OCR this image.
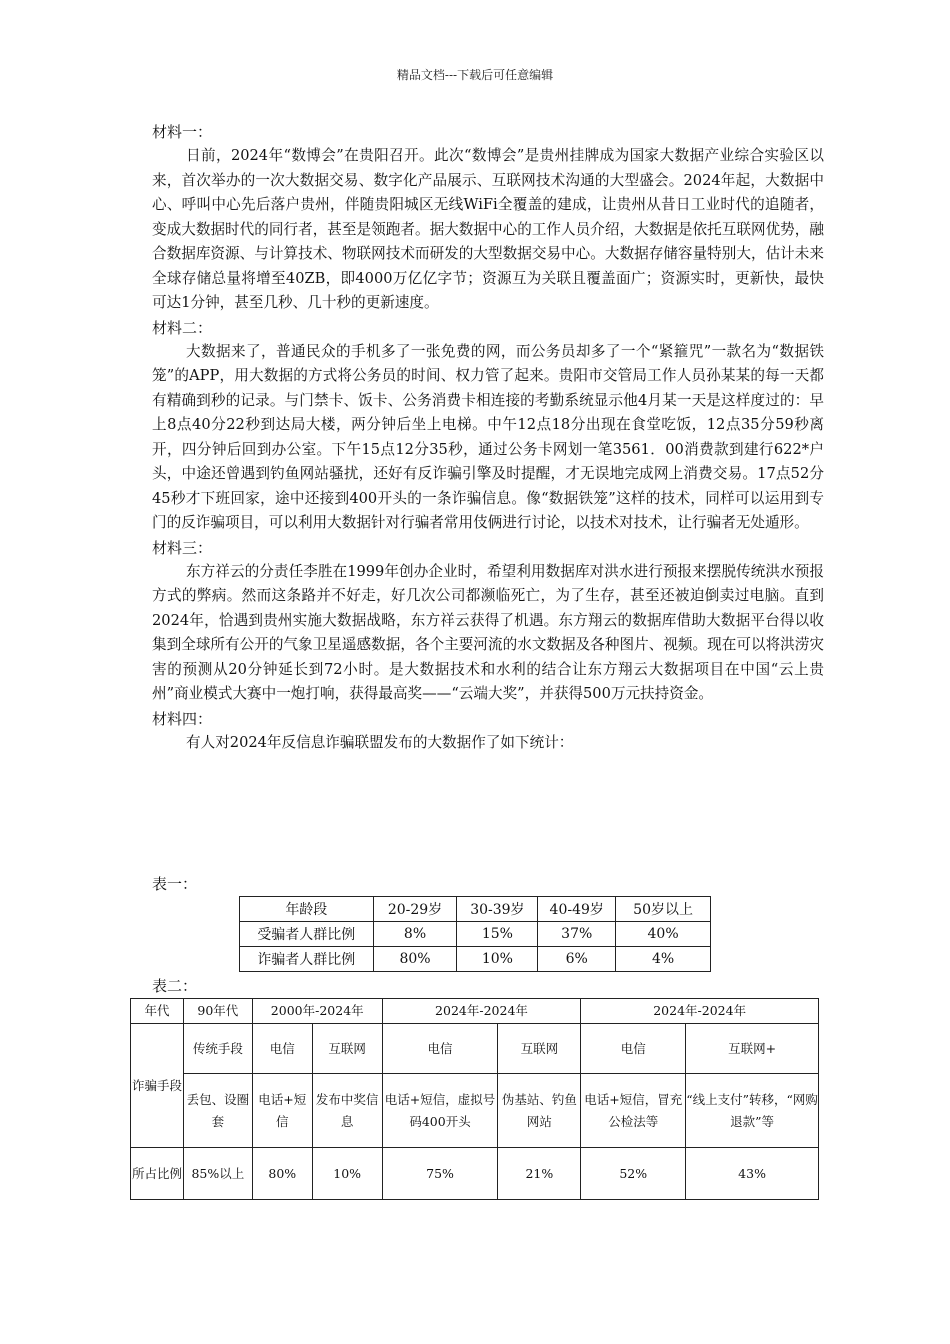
精品文档---下载后可任意编辑

材料一：

日前，2024年“数博会”在贵阳召开。此次“数博会”是贵州挂牌成为国家大数据产业综合实验区以来，首次举办的一次大数据交易、数字化产品展示、互联网技术沟通的大型盛会。2024年起，大数据中心、呼叫中心先后落户贵州，伴随贵阳城区无线WiFi全覆盖的建成，让贵州从昔日工业时代的追随者，变成大数据时代的同行者，甚至是领跑者。据大数据中心的工作人员介绍，大数据是依托互联网优势，融合数据库资源、与计算技术、物联网技术而研发的大型数据交易中心。大数据存储容量特别大，估计未来全球存储总量将增至40ZB，即4000万亿亿字节；资源互为关联且覆盖面广；资源实时，更新快，最快可达1分钟，甚至几秒、几十秒的更新速度。

材料二：

大数据来了，普通民众的手机多了一张免费的网，而公务员却多了一个“紧箍咒”一款名为“数据铁笼”的APP，用大数据的方式将公务员的时间、权力管了起来。贵阳市交管局工作人员孙某某的每一天都有精确到秒的记录。与门禁卡、饭卡、公务消费卡相连接的考勤系统显示他4月某一天是这样度过的：早上8点40分22秒到达局大楼，两分钟后坐上电梯。中午12点18分出现在食堂吃饭，12点35分59秒离开，四分钟后回到办公室。下午15点12分35秒，通过公务卡网划一笔3561．00消费款到建行622*户头，中途还曾遇到钓鱼网站骚扰，还好有反诈骗引擎及时提醒，才无误地完成网上消费交易。17点52分45秒才下班回家，途中还接到400开头的一条诈骗信息。像“数据铁笼”这样的技术，同样可以运用到专门的反诈骗项目，可以利用大数据针对行骗者常用伎俩进行讨论，以技术对技术，让行骗者无处遁形。

材料三：

东方祥云的分责任李胜在1999年创办企业时，希望利用数据库对洪水进行预报来摆脱传统洪水预报方式的弊病。然而这条路并不好走，好几次公司都濒临死亡，为了生存，甚至还被迫倒卖过电脑。直到2024年，恰遇到贵州实施大数据战略，东方祥云获得了机遇。东方翔云的数据库借助大数据平台得以收集到全球所有公开的气象卫星遥感数据，各个主要河流的水文数据及各种图片、视频。现在可以将洪涝灾害的预测从20分钟延长到72小时。是大数据技术和水利的结合让东方翔云大数据项目在中国“云上贵州”商业模式大赛中一炮打响，获得最高奖——“云端大奖”，并获得500万元扶持资金。

材料四：

有人对2024年反信息诈骗联盟发布的大数据作了如下统计：

表一：
年龄段	20-29岁	30-39岁	40-49岁	50岁以上
受骗者人群比例	8%	15%	37%	40%
诈骗者人群比例	80%	10%	6%	4%
表二：
年代	90年代	2000年-2024年		2024年-2024年		2024年-2024年	
诈骗手段	传统手段	电信	互联网	电信	互联网	电信	互联网+
	丢包、设圈套	电话+短信	发布中奖信息	电话+短信，虚拟号码400开头	伪基站、钓鱼网站	电话+短信，冒充公检法等	“线上支付”转移，“网购退款”等
所占比例	85%以上	80%	10%	75%	21%	52%	43%
